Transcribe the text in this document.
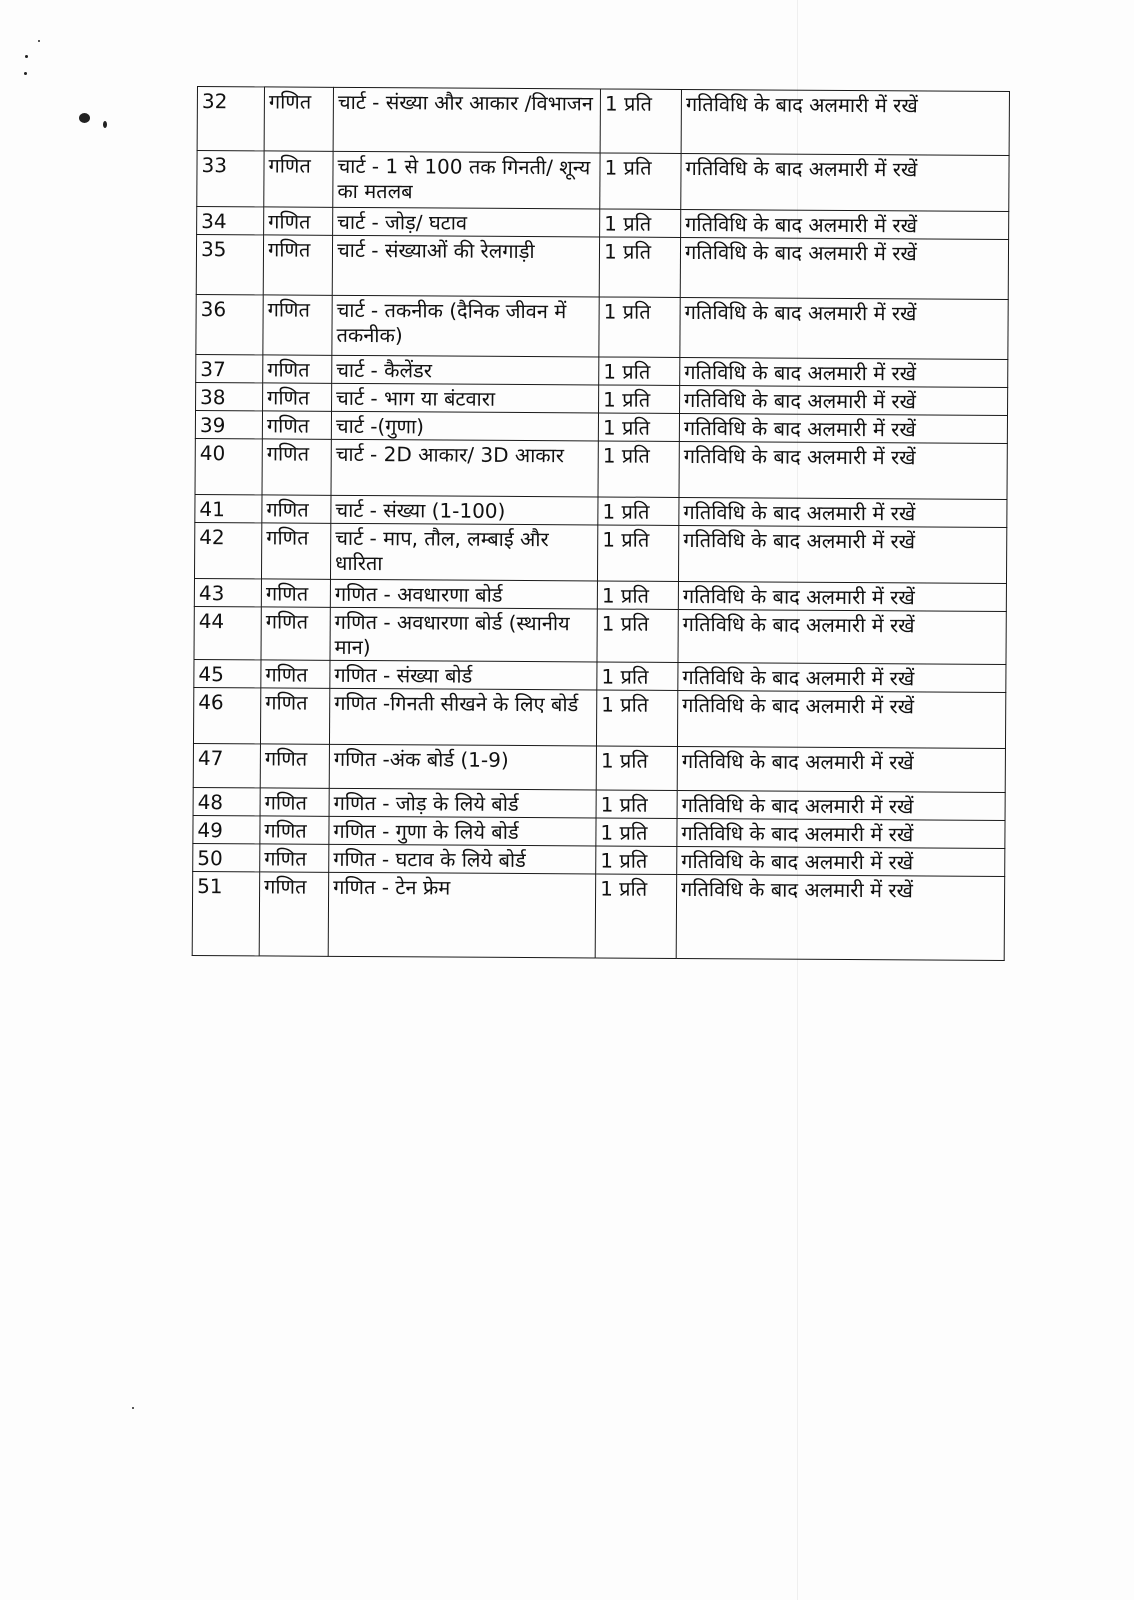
32	गणित	चार्ट - संख्या और आकार /विभाजन	1 प्रति	गतिविधि के बाद अलमारी में रखें
33	गणित	चार्ट - 1 से 100 तक गिनती/ शून्य का मतलब	1 प्रति	गतिविधि के बाद अलमारी में रखें
34	गणित	चार्ट - जोड़/ घटाव	1 प्रति	गतिविधि के बाद अलमारी में रखें
35	गणित	चार्ट - संख्याओं की रेलगाड़ी	1 प्रति	गतिविधि के बाद अलमारी में रखें
36	गणित	चार्ट - तकनीक (दैनिक जीवन में तकनीक)	1 प्रति	गतिविधि के बाद अलमारी में रखें
37	गणित	चार्ट - कैलेंडर	1 प्रति	गतिविधि के बाद अलमारी में रखें
38	गणित	चार्ट - भाग या बंटवारा	1 प्रति	गतिविधि के बाद अलमारी में रखें
39	गणित	चार्ट -(गुणा)	1 प्रति	गतिविधि के बाद अलमारी में रखें
40	गणित	चार्ट - 2D आकार/ 3D आकार	1 प्रति	गतिविधि के बाद अलमारी में रखें
41	गणित	चार्ट - संख्या (1-100)	1 प्रति	गतिविधि के बाद अलमारी में रखें
42	गणित	चार्ट - माप, तौल, लम्बाई और धारिता	1 प्रति	गतिविधि के बाद अलमारी में रखें
43	गणित	गणित - अवधारणा बोर्ड	1 प्रति	गतिविधि के बाद अलमारी में रखें
44	गणित	गणित - अवधारणा बोर्ड (स्थानीय मान)	1 प्रति	गतिविधि के बाद अलमारी में रखें
45	गणित	गणित - संख्या बोर्ड	1 प्रति	गतिविधि के बाद अलमारी में रखें
46	गणित	गणित -गिनती सीखने के लिए बोर्ड	1 प्रति	गतिविधि के बाद अलमारी में रखें
47	गणित	गणित -अंक बोर्ड (1-9)	1 प्रति	गतिविधि के बाद अलमारी में रखें
48	गणित	गणित - जोड़ के लिये बोर्ड	1 प्रति	गतिविधि के बाद अलमारी में रखें
49	गणित	गणित - गुणा के लिये बोर्ड	1 प्रति	गतिविधि के बाद अलमारी में रखें
50	गणित	गणित - घटाव के लिये बोर्ड	1 प्रति	गतिविधि के बाद अलमारी में रखें
51	गणित	गणित - टेन फ्रेम	1 प्रति	गतिविधि के बाद अलमारी में रखें
